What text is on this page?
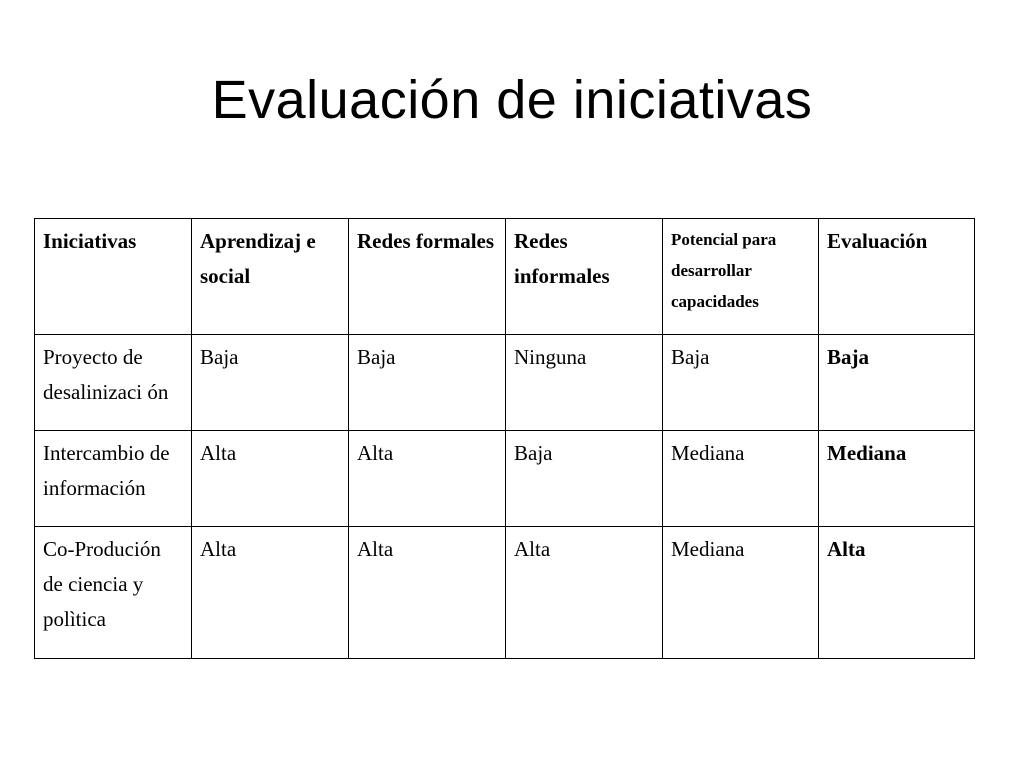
Evaluación de iniciativas
Iniciativas	Aprendizaj e social	Redes formales	Redes informales	Potencial para desarrollar capacidades	Evaluación
Proyecto de desalinizaci ón	Baja	Baja	Ninguna	Baja	Baja
Intercambio de información	Alta	Alta	Baja	Mediana	Mediana
Co-Produción de ciencia y polìtica	Alta	Alta	Alta	Mediana	Alta
